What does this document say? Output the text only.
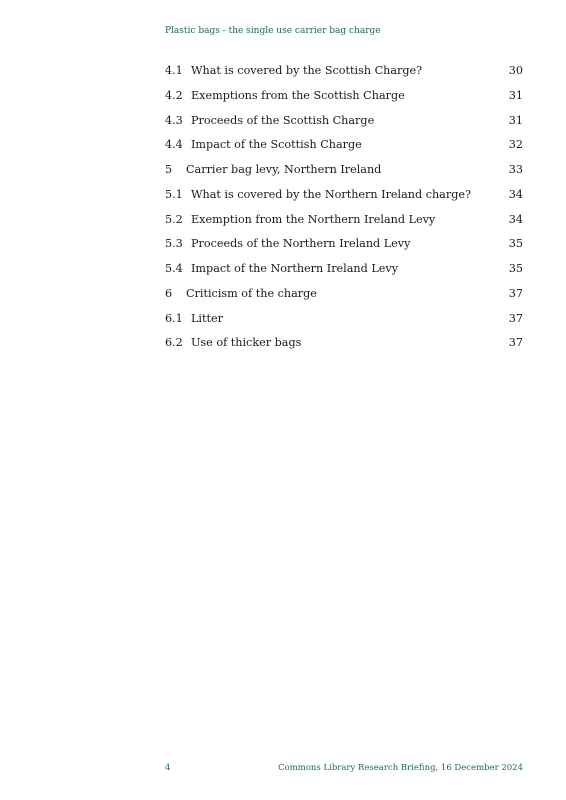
Plastic bags - the single use carrier bag charge
4.1 What is covered by the Scottish Charge?	30
4.2 Exemptions from the Scottish Charge	31
4.3 Proceeds of the Scottish Charge	31
4.4 Impact of the Scottish Charge	32
5	Carrier bag levy, Northern Ireland	33
5.1 What is covered by the Northern Ireland charge?	34
5.2 Exemption from the Northern Ireland Levy	34
5.3 Proceeds of the Northern Ireland Levy	35
5.4 Impact of the Northern Ireland Levy	35
6	Criticism of the charge	37
6.1 Litter	37
6.2 Use of thicker bags	37
4	Commons Library Research Briefing, 16 December 2024
